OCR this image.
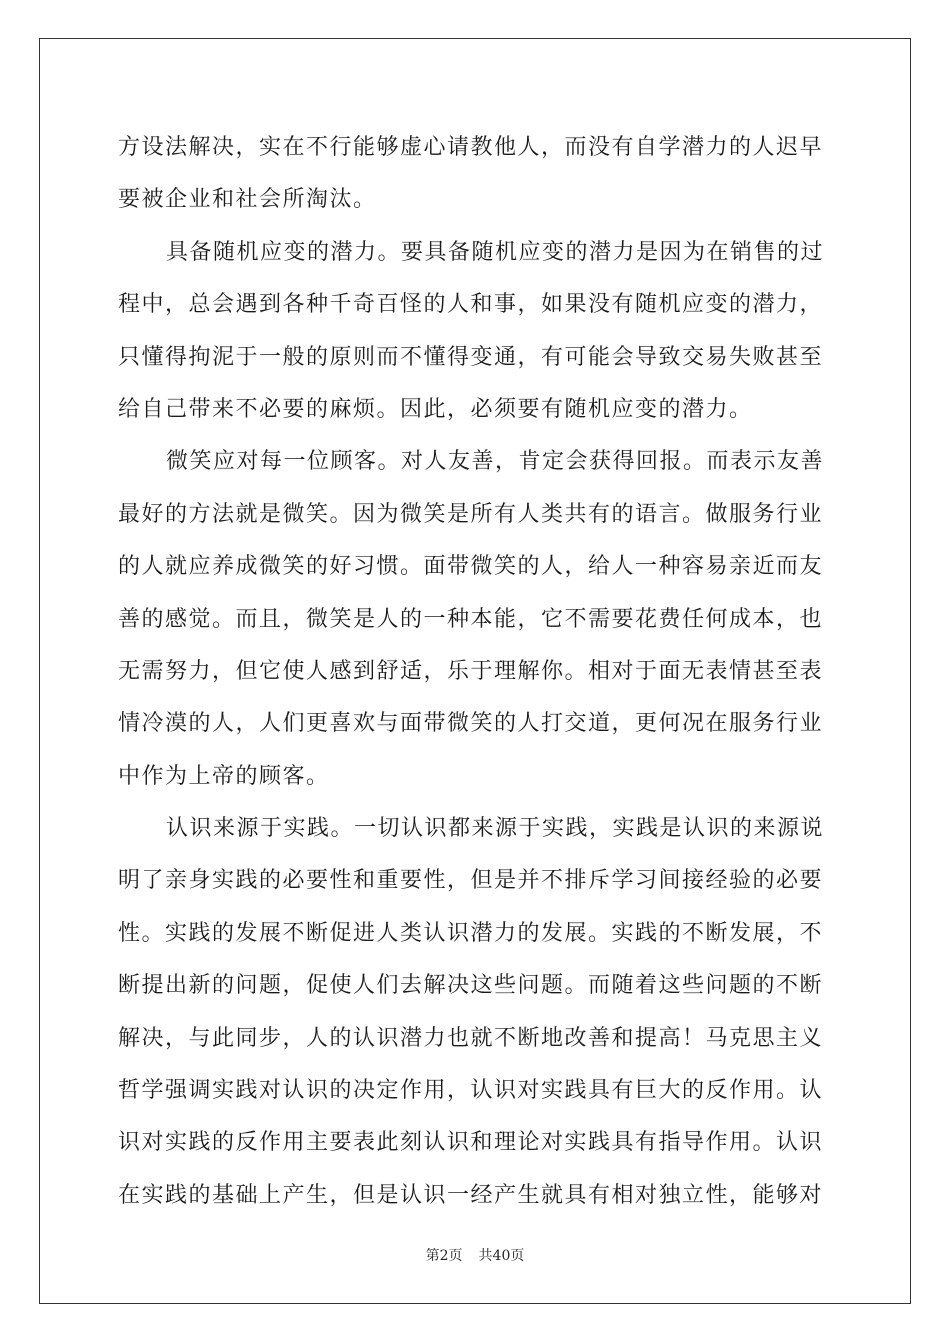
方设法解决，实在不行能够虚心请教他人，而没有自学潜力的人迟早
要被企业和社会所淘汰。
具备随机应变的潜力。要具备随机应变的潜力是因为在销售的过
程中，总会遇到各种千奇百怪的人和事，如果没有随机应变的潜力，
只懂得拘泥于一般的原则而不懂得变通，有可能会导致交易失败甚至
给自己带来不必要的麻烦。因此，必须要有随机应变的潜力。
微笑应对每一位顾客。对人友善，肯定会获得回报。而表示友善
最好的方法就是微笑。因为微笑是所有人类共有的语言。做服务行业
的人就应养成微笑的好习惯。面带微笑的人，给人一种容易亲近而友
善的感觉。而且，微笑是人的一种本能，它不需要花费任何成本，也
无需努力，但它使人感到舒适，乐于理解你。相对于面无表情甚至表
情冷漠的人，人们更喜欢与面带微笑的人打交道，更何况在服务行业
中作为上帝的顾客。
认识来源于实践。一切认识都来源于实践，实践是认识的来源说
明了亲身实践的必要性和重要性，但是并不排斥学习间接经验的必要
性。实践的发展不断促进人类认识潜力的发展。实践的不断发展，不
断提出新的问题，促使人们去解决这些问题。而随着这些问题的不断
解决，与此同步，人的认识潜力也就不断地改善和提高！马克思主义
哲学强调实践对认识的决定作用，认识对实践具有巨大的反作用。认
识对实践的反作用主要表此刻认识和理论对实践具有指导作用。认识
在实践的基础上产生，但是认识一经产生就具有相对独立性，能够对
第2页 共40页
